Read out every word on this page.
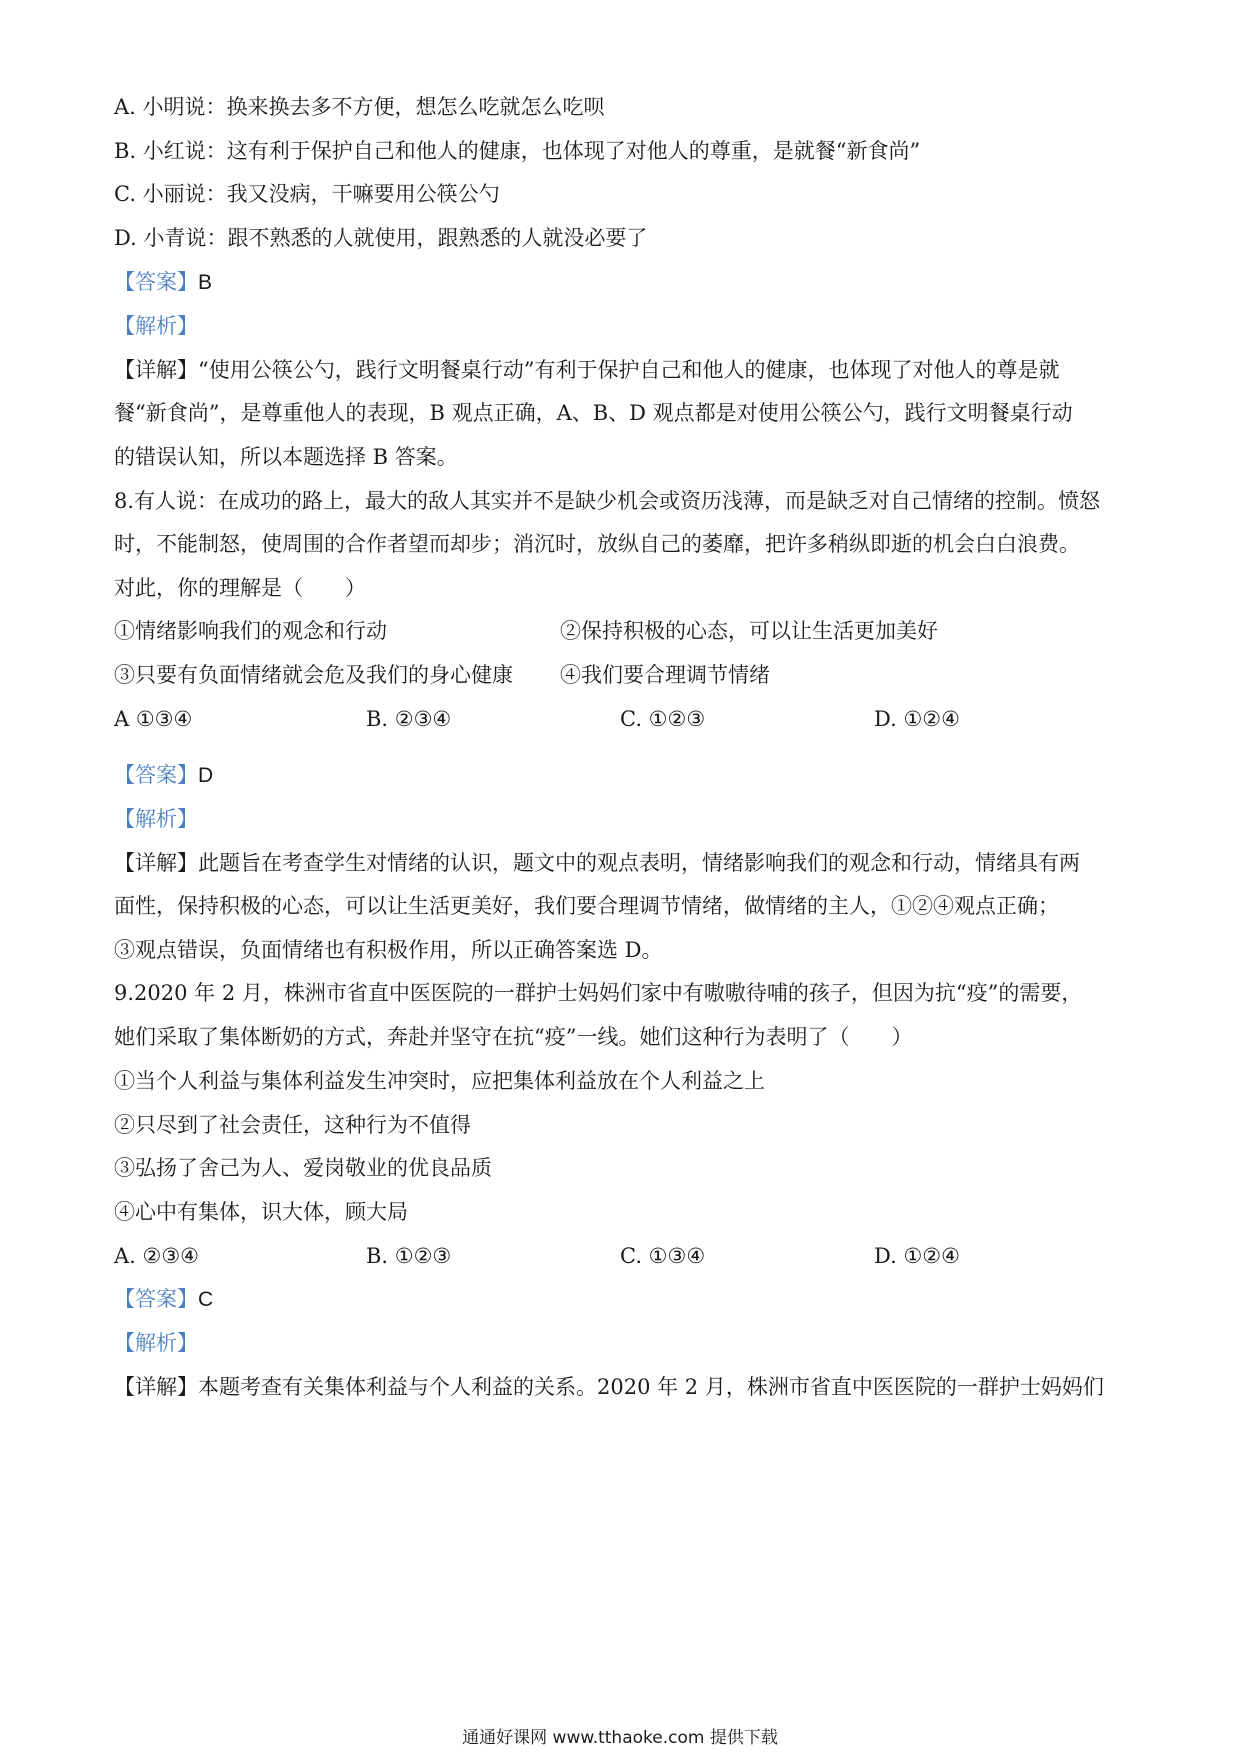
A. 小明说：换来换去多不方便，想怎么吃就怎么吃呗
B. 小红说：这有利于保护自己和他人的健康，也体现了对他人的尊重，是就餐“新食尚”
C. 小丽说：我又没病，干嘛要用公筷公勺
D. 小青说：跟不熟悉的人就使用，跟熟悉的人就没必要了
【答案】B
【解析】
【详解】“使用公筷公勺，践行文明餐桌行动”有利于保护自己和他人的健康，也体现了对他人的尊是就
餐“新食尚”，是尊重他人的表现，B 观点正确，A、B、D 观点都是对使用公筷公勺，践行文明餐桌行动
的错误认知，所以本题选择 B 答案。
8.有人说：在成功的路上，最大的敌人其实并不是缺少机会或资历浅薄，而是缺乏对自己情绪的控制。愤怒
时，不能制怒，使周围的合作者望而却步；消沉时，放纵自己的萎靡，把许多稍纵即逝的机会白白浪费。
对此，你的理解是（　　）
①情绪影响我们的观念和行动	②保持积极的心态，可以让生活更加美好
③只要有负面情绪就会危及我们的身心健康 ④我们要合理调节情绪
A ①③④	B. ②③④	C. ①②③	D. ①②④
【答案】D
【解析】
【详解】此题旨在考查学生对情绪的认识，题文中的观点表明，情绪影响我们的观念和行动，情绪具有两
面性，保持积极的心态，可以让生活更美好，我们要合理调节情绪，做情绪的主人，①②④观点正确；
③观点错误，负面情绪也有积极作用，所以正确答案选 D。
9.2020 年 2 月，株洲市省直中医医院的一群护士妈妈们家中有嗷嗷待哺的孩子，但因为抗“疫”的需要，
她们采取了集体断奶的方式，奔赴并坚守在抗“疫”一线。她们这种行为表明了（　　）
①当个人利益与集体利益发生冲突时，应把集体利益放在个人利益之上
②只尽到了社会责任，这种行为不值得
③弘扬了舍己为人、爱岗敬业的优良品质
④心中有集体，识大体，顾大局
A. ②③④	B. ①②③	C. ①③④	D. ①②④
【答案】C
【解析】
【详解】本题考查有关集体利益与个人利益的关系。2020 年 2 月，株洲市省直中医医院的一群护士妈妈们
通通好课网 www.tthaoke.com 提供下载
